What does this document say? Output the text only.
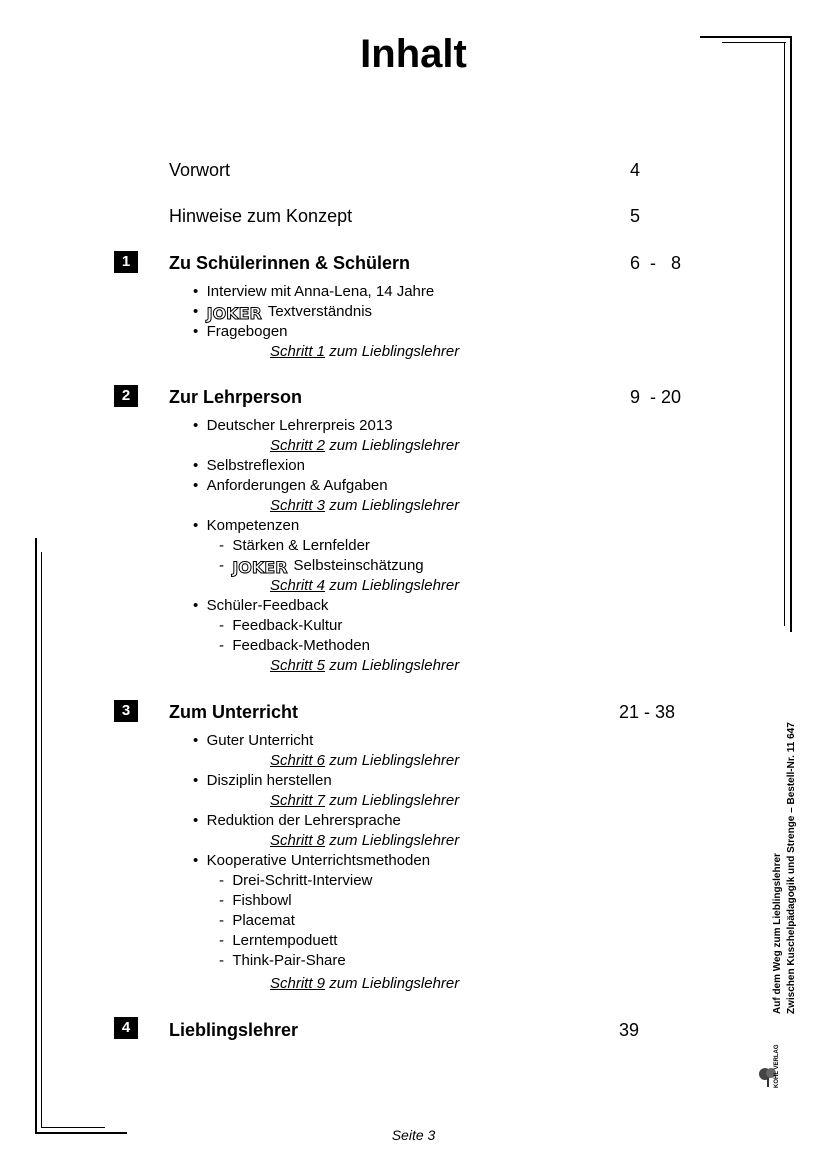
Inhalt
Vorwort	4
Hinweise zum Konzept	5
1	Zu Schülerinnen & Schülern	6  -   8
• Interview mit Anna-Lena, 14 Jahre
• JOKER Textverständnis
• Fragebogen
Schritt 1 zum Lieblingslehrer
2	Zur Lehrperson	9  - 20
• Deutscher Lehrerpreis 2013
Schritt 2 zum Lieblingslehrer
• Selbstreflexion
• Anforderungen & Aufgaben
Schritt 3 zum Lieblingslehrer
• Kompetenzen
- Stärken & Lernfelder
- JOKER Selbsteinschätzung
Schritt 4 zum Lieblingslehrer
• Schüler-Feedback
- Feedback-Kultur
- Feedback-Methoden
Schritt 5 zum Lieblingslehrer
3	Zum Unterricht	21 - 38
• Guter Unterricht
Schritt 6 zum Lieblingslehrer
• Disziplin herstellen
Schritt 7 zum Lieblingslehrer
• Reduktion der Lehrersprache
Schritt 8 zum Lieblingslehrer
• Kooperative Unterrichtsmethoden
- Drei-Schritt-Interview
- Fishbowl
- Placemat
- Lerntempoduett
- Think-Pair-Share
Schritt 9 zum Lieblingslehrer
4	Lieblingslehrer	39
Auf dem Weg zum Lieblingslehrer Zwischen Kuschelpädagogik und Strenge – Bestell-Nr. 11 647
KOHL VERLAG
Seite 3
